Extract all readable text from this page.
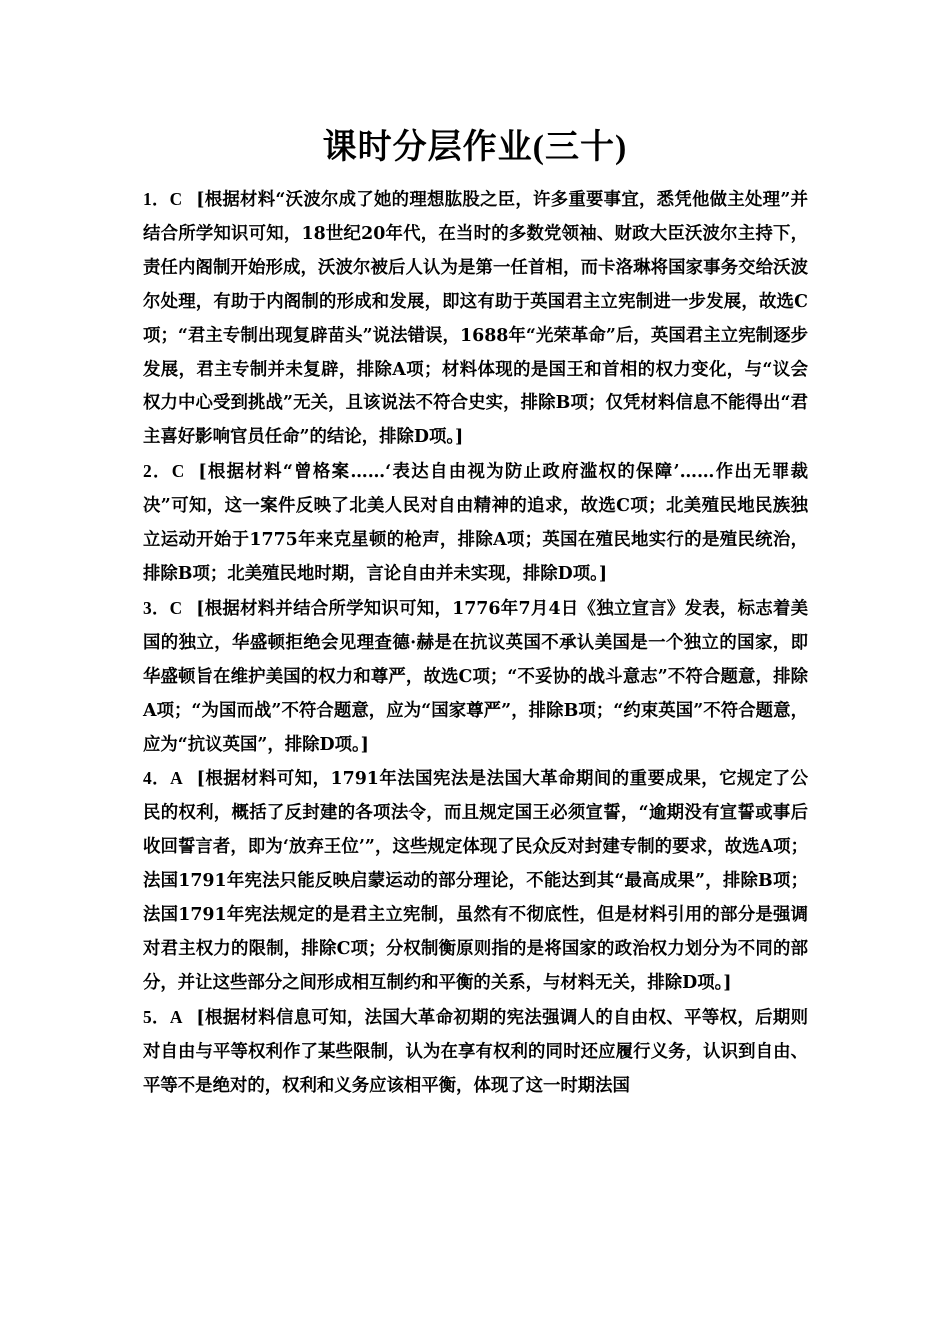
课时分层作业(三十)

1．C [根据材料“沃波尔成了她的理想肱股之臣，许多重要事宜，悉凭他做主处理”并结合所学知识可知，18世纪20年代，在当时的多数党领袖、财政大臣沃波尔主持下，责任内阁制开始形成，沃波尔被后人认为是第一任首相，而卡洛琳将国家事务交给沃波尔处理，有助于内阁制的形成和发展，即这有助于英国君主立宪制进一步发展，故选C项；“君主专制出现复辟苗头”说法错误，1688年“光荣革命”后，英国君主立宪制逐步发展，君主专制并未复辟，排除A项；材料体现的是国王和首相的权力变化，与“议会权力中心受到挑战”无关，且该说法不符合史实，排除B项；仅凭材料信息不能得出“君主喜好影响官员任命”的结论，排除D项。]

2．C [根据材料“曾格案……‘表达自由视为防止政府滥权的保障’……作出无罪裁决”可知，这一案件反映了北美人民对自由精神的追求，故选C项；北美殖民地民族独立运动开始于1775年来克星顿的枪声，排除A项；英国在殖民地实行的是殖民统治，排除B项；北美殖民地时期，言论自由并未实现，排除D项。]

3．C [根据材料并结合所学知识可知，1776年7月4日《独立宣言》发表，标志着美国的独立，华盛顿拒绝会见理查德·赫是在抗议英国不承认美国是一个独立的国家，即华盛顿旨在维护美国的权力和尊严，故选C项；“不妥协的战斗意志”不符合题意，排除A项；“为国而战”不符合题意，应为“国家尊严”，排除B项；“约束英国”不符合题意，应为“抗议英国”，排除D项。]

4．A [根据材料可知，1791年法国宪法是法国大革命期间的重要成果，它规定了公民的权利，概括了反封建的各项法令，而且规定国王必须宣誓，“逾期没有宣誓或事后收回誓言者，即为‘放弃王位’”，这些规定体现了民众反对封建专制的要求，故选A项；法国1791年宪法只能反映启蒙运动的部分理论，不能达到其“最高成果”，排除B项；法国1791年宪法规定的是君主立宪制，虽然有不彻底性，但是材料引用的部分是强调对君主权力的限制，排除C项；分权制衡原则指的是将国家的政治权力划分为不同的部分，并让这些部分之间形成相互制约和平衡的关系，与材料无关，排除D项。]

5．A [根据材料信息可知，法国大革命初期的宪法强调人的自由权、平等权，后期则对自由与平等权利作了某些限制，认为在享有权利的同时还应履行义务，认识到自由、平等不是绝对的，权利和义务应该相平衡，体现了这一时期法国
